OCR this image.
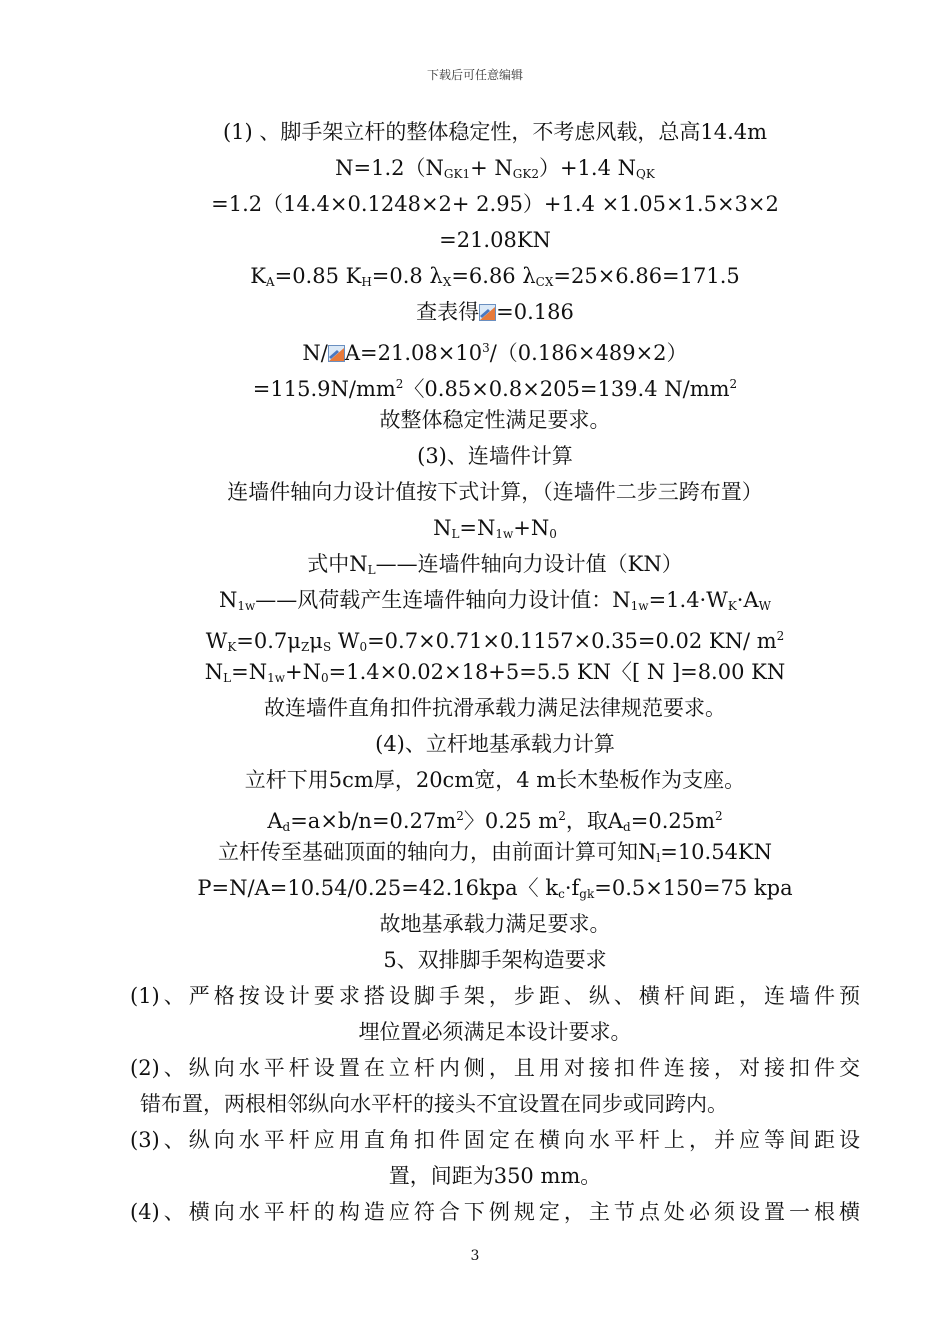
下载后可任意编辑
(1) 、脚手架立杆的整体稳定性，不考虑风载，总高14.4m
$N=1.2(N_{GK1}+ N_{GK2})+1.4$ $N_{QK}$
=1.2（14.4×0.1248×2+ 2.95）+1.4 ×1.05×1.5×3×2
=21.08KN
$K_A=0.85$ $K_H=0.8$ $\lambda_X=6.86$ $\lambda_{CX}=25\times 6.86=171.5$
查表得 =0.186
N/ $A=21.08\times 10^3/(0.186\times 489\times 2)$
$=115.9N/mm^2$〈0.85×0.8×205=139.4 $N/mm^2$
故整体稳定性满足要求。
(3)、连墙件计算
连墙件轴向力设计值按下式计算，（连墙件二步三跨布置）
$N_L=N_{1w}+N_0$
式中$N_L——$连墙件轴向力设计值（KN）
$N_{1w}——$风荷载产生连墙件轴向力设计值：$N_{1w}=1.4\cdot W_K\cdot A_W$
$W_K=0.7\mu_Z\mu_S$ $W_0=0.7\times 0.71\times 0.1157\times 0.35=0.02$ KN/ $m^2$
$N_L=N_{1w}+N_0=1.4\times 0.02\times 18+5=5.5$ KN〈[ N ]=8.00 KN
故连墙件直角扣件抗滑承载力满足法律规范要求。
(4)、立杆地基承载力计算
立杆下用5cm厚，20cm宽，4 m长木垫板作为支座。
$A_d=a\times b/n=0.27m^2$〉0.25 $m^2$，取$A_d=0.25m^2$
立杆传至基础顶面的轴向力，由前面计算可知$N_l=10.54KN$
P=N/A=10.54/0.25=42.16kpa〈 $k_c\cdot f_{gk}=0.5\times 150=75$ kpa
故地基承载力满足要求。
5、双排脚手架构造要求
(1)、严格按设计要求搭设脚手架，步距、纵、横杆间距，连墙件预
埋位置必须满足本设计要求。
(2)、纵向水平杆设置在立杆内侧，且用对接扣件连接，对接扣件交
错布置，两根相邻纵向水平杆的接头不宜设置在同步或同跨内。
(3)、纵向水平杆应用直角扣件固定在横向水平杆上，并应等间距设
置，间距为350 mm。
(4)、横向水平杆的构造应符合下例规定，主节点处必须设置一根横
3
